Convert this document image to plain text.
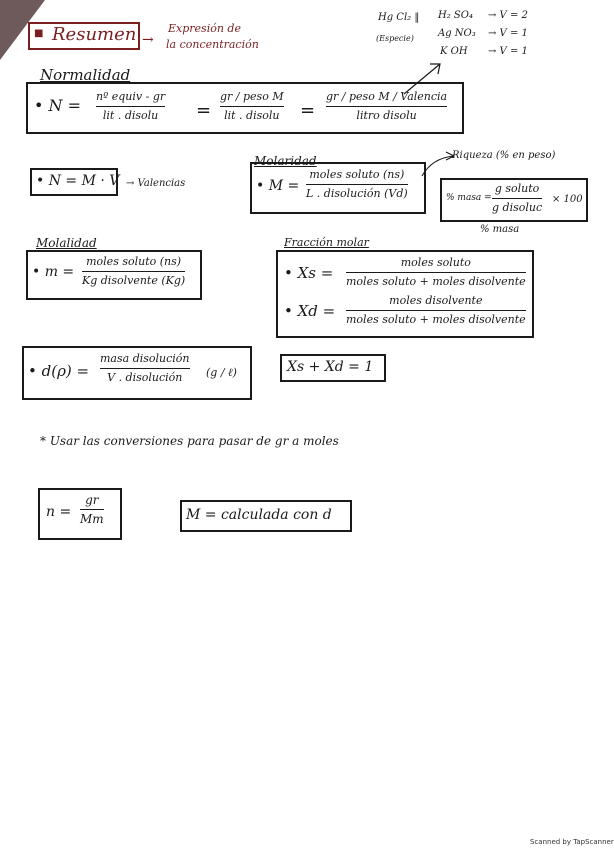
■ Resumen →
Expresión de
la concentración
Hg Cl₂ ‖
(Especie)
H₂ SO₄ → V = 2
Ag NO₃ → V = 1
K OH → V = 1
Normalidad
• N = nº equiv - gr
lit . disolu =
gr / peso M
lit . disolu =
gr / peso M / Valencia
litro disolu
• N = M · V → Valencias
Molaridad
• M =
moles soluto (ns)
L . disolución (Vd)
Riqueza (% en peso)
% masa =
g soluto
g disoluc
× 100
% masa
Molalidad
• m =
moles soluto (ns)
Kg disolvente (Kg)
Fracción molar
• Xs =
moles soluto
moles soluto + moles disolvente
• Xd =
moles disolvente
moles soluto + moles disolvente
• d(ρ) =
masa disolución
V . disolución (g / ℓ)	Xs + Xd = 1
* Usar las conversiones para pasar de gr a moles
n =
gr
Mm	M = calculada con d
Scanned by TapScanner
